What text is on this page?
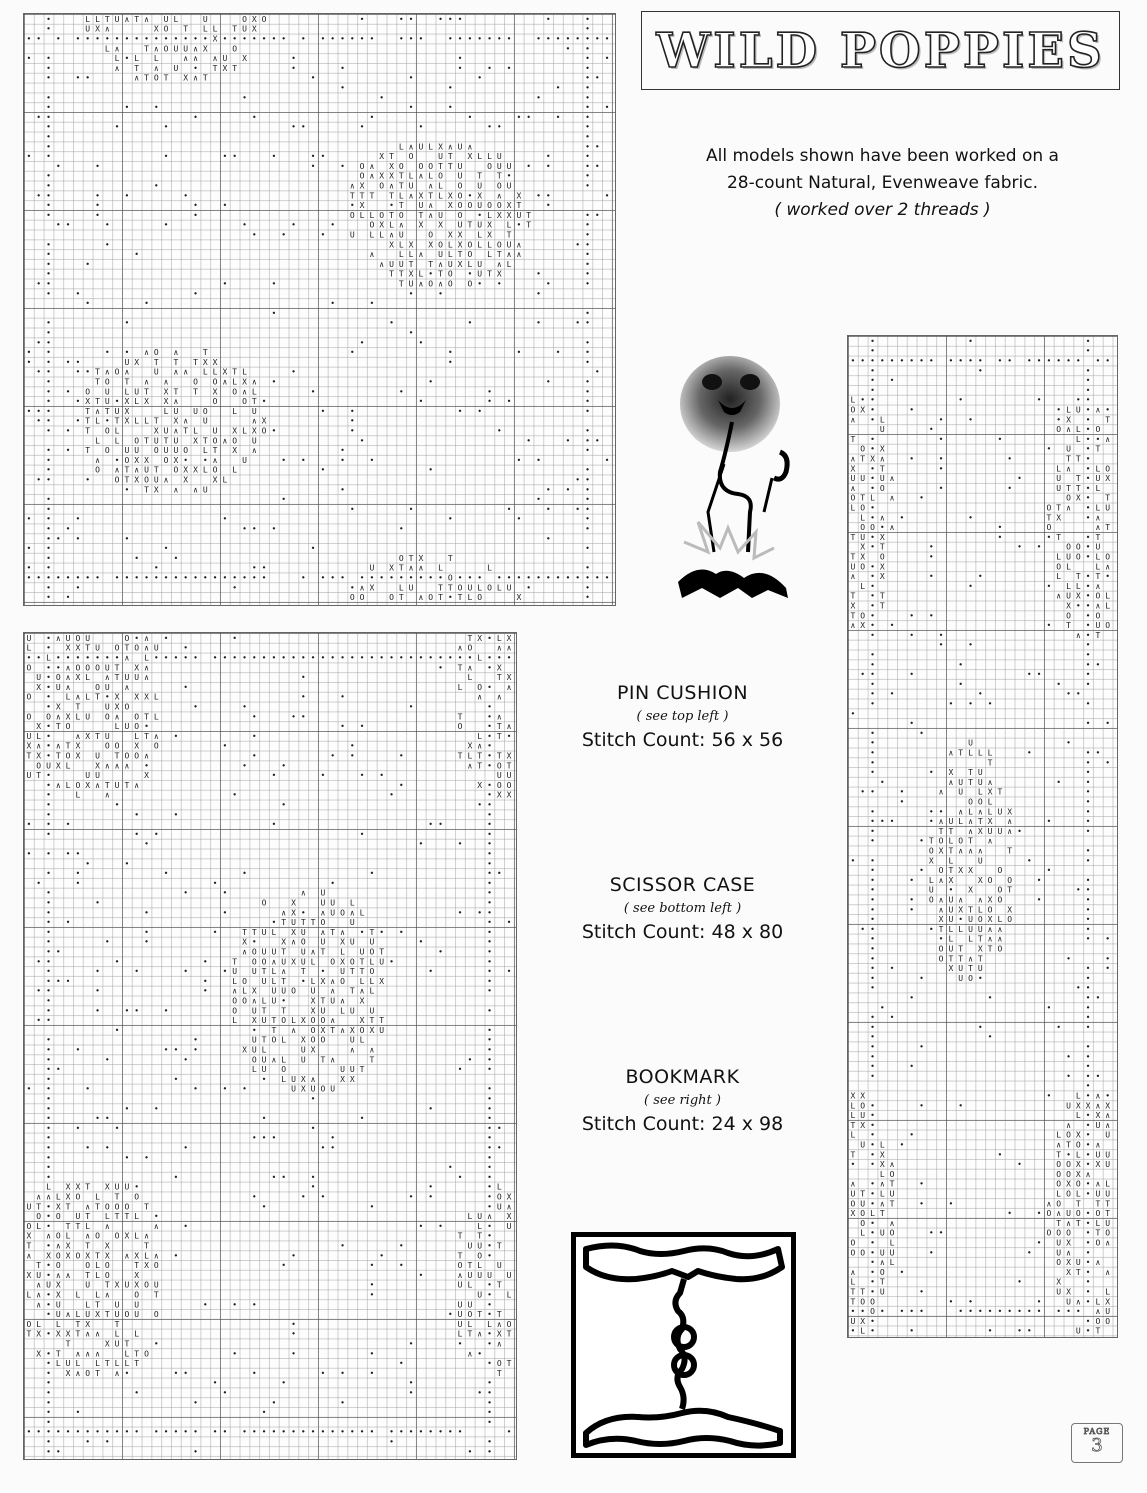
•	L L T U ∧ T ∧ U L	U	O X O	•	• •	• • •	•	•
•	U X ∧	X O T L L T U X	•
• • • • • • • • • • • • • • • • • X • • • • • • • • • • • • • •	• • •	• • • • • • •	• • • • • • • •
L ∧	T ∧ O U U ∧ X	O	• •
• •	L • L L	∧ ∧ ∧ U X	•	•	• •
•	∧ T ∧ U • T X T	•	•	•	• •	•
•	• •	∧ T O T X ∧ T	•	•	•	• •
•	•	•	•
•	•	•	•	•
•	•	•	•	•	• •
• •	•	•	•	•	• •	•	•
•	•	•	• •	•	•	• •	•
•	•
•	L ∧ U L X ∧ U ∧	• •
• •	•	• •	•	• •	X T O	U T X L L U	•	•
•	•	•	• O ∧ X O O O T T U	O U U • •	• •
•	O ∧ X X T L ∧ L O U T T •	•
•	•	∧ X O ∧ T U ∧ L O U O U	•
• •	•	•	•	T T T T L ∧ X T L X O • X ∧ X • •	•
•	•	•	•	• X	• T U ∧ X O O U O O X T	•
•	•	•	O L L O T O T ∧ U O • L X X U T	• •
• •	•	•	•	•	•	O X L ∧ X X U T U X L • T	•
•	•	•	U L L ∧ U	O X X L X T	•
•	•	X L X X O L X O L L O U ∧	• •
•	•	∧	L L ∧ U L T O L T ∧ ∧	•
•	•	∧ U U T T ∧ U X L U ∧ L	•
•	T T X L • T O • U T X	•	•
• •	•	•	T U ∧ O ∧ O O • •	•	•
•	•	•	•	•	•
•	•	•	•
•	•
•	•	•	•	•	• •
•	•
• •	•	•	•
• •	• • ∧ O ∧	T	•	•	•	•	•
• • • •	U X T T T X X	•	•
• •	• • T ∧ O ∧	U ∧ ∧ L L X T L	•	•
•	T O T ∧ ∧	O O ∧ L X ∧ •	•	•	•
• • O U L U T X T T X O ∧ L	•	•	•	•
•	• X T U • X L X X ∧	O	O T •	•	• •	•
• • •	T ∧ T U X	L U U O	L U	•	•	• •	•
• •	• T L • T X L L T X ∧ U	∧ X	•
• • T O L	X U ∧ T L U X L X O •	•	•	•
L L O T U T U X T O ∧ O U	•	•	• • •
• • T O U U O U U O L T X ∧	•	•
•	∧ • O X X O X • • ∧	U	• •	•	•	• •	•
•	O ∧ T ∧ U T O X X L O L	•	•	•
• •	•	O T X O U ∧ X	X L	• •
• T X ∧ ∧ U	•	• • •
•	•	•	•
•	•	•	•	•	• •
• •	•	•	•	•	•
• •	• • •	•	•
• • •	•	•
• •	•	•	•
•	•	•	O T X	T
• •	•	• •	U X T ∧ ∧ L	L	•
• • • • • • • • • • • • • • • • • • • • • • • •	• • • • • • • • • • • • • O • • • • • • • • • • • • • • •
•	•	•	• ∧ X	L U	T T O U L O L U •	•
• •	O O	O T ∧ O T • T L O	X	•
U • ∧ U O U	O • ∧ •	•	T X • L X
L • X X T U O T O ∧ U	•	∧ O	∧ ∧
• • L • • • • • • • ∧ L • • • • • • • • • • • • • • • • • • • • • • • • • • • • • • • • L • • •
O • • ∧ O O O U T X ∧	• T ∧ • X
U • O ∧ X L ∧ T U U ∧	•	L	T X
X • U ∧	O U ∧	•	L O • ∧
O • L ∧ L T • X X X L	•	•	∧ ∧
• X T	U X O	•	•	•	•
O O ∧ X L U O ∧ O T L	•	• •	T	• ∧
X • T O	L U O •	• •	O	• T ∧
U L •	∧ X T U	L T ∧ •	•	L • T •
X ∧ • ∧ T X	O O X O	•	•	X ∧ •
T X • T O X U T O O ∧	•	• •	•	T L T • T X
O U X L	X ∧ ∧ ∧ •	•	•	∧ T • O T
U T •	U U	X	•	•	• •	U U
• ∧ L O X ∧ T U T ∧	•	X • O O
•	L	∧	•	•	• X X
•	•	•	• •
•	•	•	•
• • •	•	• •	•
•	• •	•	•
•	•	•	•
• • • •	•
•	•	•
•	•	•	•	•	• •
•	•	•	•	•
•	•	•	∧ U	•
•	•	O	X	U U L	•
•	•	•	∧ X • ∧ U O ∧ L	• • •
• •	• T U T T O	U	• •
•	•	•	T T U L X U ∧ T ∧ • T • •	•
•	•	•	X •	X ∧ O U X U U	•	•
• •	∧ O U U T U ∧ T L U O T	•	•
• •	•	•	T O O ∧ U X U L O X O T L U •	•
•	•	•	•	• U U T L ∧ T • U T T O	•	• •
• • •	•	L O U L T • L X ∧ O L L X	•
• •	•	•	∧ L X U U O U ∧ T ∧ L	•
•	O O ∧ L U •	X T U ∧ X
•	•	• •	•	O U T T	X U L U U	•
• •	L X U T O L X O O ∧	X T T
•	• T ∧ O X T ∧ X O X U	•
•	•	U T O L X O O	U L	•
•	•	• • •	X U L	U X	∧ ∧	•
•	•	•	O U ∧ L U T ∧	T	• •
• •	L U O	U U T	•	•
•	•	• L U X ∧	X X
• •	•	•	• •	U X U O U	•
•	•	•
•	•	•	•	•
•	• •	•	•	•
•	•	•	•	• •
•	• • •	•	•
•	• •	•	• •	• •
•	• •	•
•	•	•
•	•	• •	•	•	•
L X X T X U U •	•	•	• L
∧ ∧ L X O L T O	•	• •	• •	• O X
U T • X T ∧ T O O O T	•	•	• U ∧
O • O U T L T T L •	L U ∧ X
O L • T T L ∧	∧	•	• •	L • U
X ∧ O L ∧ O O X L ∧	T T •
T • ∧ X T X	T	•	•	U U • T
∧ X O X O X T X ∧ X L ∧ •	•	•	T O •
T • O	O L O	T X O	•	•	•	O T L U
X U • ∧ ∧ T L O	X	•	∧ U U U U
∧ U X	U T X U X O U	•	U L • T
L ∧ • X L L ∧	O T	•	U • L
∧ • U	L T U U	•	• •	U U •
• U ∧ L U X T U O U O	• U O T • T
O L L T X	T	•	U L L ∧ O
T X • X X T ∧ ∧ L L	•	L T ∧ • X T
T	X U T	•	•	•	• ∧
X • T ∧ ∧ ∧	L T O	•	•	•	∧ •
• L U L L T L L T	•	• O T
• X ∧ O T ∧ •	• •	•	• •	•	T
•	•	•	•	•
•	•	•	•	• •
•	•	•	•	•
•	•	•	•
•	•
• • • • • • • • • • • • • • • • • • • • • • • • • • • • • • • • • • • • • • • • •	•
•	• •	•	•
• •	•	• •
•	•	•
•	•
• • • • • • • • • • • • • • • • • • • • • • •
•	•	•
• •	•
•	•
L • •	•	•	• •
O X •	•	• L U • ∧ •
∧ • L	•	•	• X • T
U	•	O ∧ L • O
T •	•	•	L • • ∧
O • X	• U • T
∧ T X ∧	•	•	•	T T •
X • T	•	L ∧ • L O
U U • U ∧	•	U T • U X
∧ • O	•	•	U T T • L
O T L ∧	•	O X • T
L O •	O T ∧ • L U
L • ∧ •	•	T X	• ∧
O O • ∧	•	O	∧ T
T U • X	•	• T	• T
X • T	•	• •	O O • U
T X O	•	L U O • L O
U O • X	O L	L ∧
∧ • X	•	•	L T • T •
L •	•	• L L • ∧
T • T	∧ U X • O L
X • T	X • • ∧ L
T O •	• •	O • O
∧ X • •	• T • U O
•	•	•	∧ • T
•	•	•
•	•
•	•	• •
• •	•	• •	•
•	•	•	•
• •	•	• •
•	• • •	•
•
•	• •
•	•
•	U	•
•	∧ T L L L	•	• •
•	T	• •
•	• X T U	•
•	∧ U T U ∧	•	•
• •	•	∧ U L X T	•
•	O O L	•
•	• • ∧ L ∧ L U X	•
• • •	• ∧ U L ∧ T X ∧	•	•
•	T T ∧ X U U ∧ •	•
•	• T O L O T ∧
O X T ∧ ∧ ∧	T	•
• •	X L	U	•	•
•	• O T X X	O	•
•	• L ∧ X	X O O	•	•
•	U • X	O T	• •
•	• O ∧ U ∧ ∧ X O	•	•
•	•	∧ U X T L O X	•
•	X U • U O X L O	•
• •	• T L L U U ∧ ∧	•
•	• L L T ∧ ∧	• •
•	O U T X T O
•	O T T ∧ T	•	•
• •	X U T U	• •
•	•	U O •	•
•	• •
•	•	• •
•	•	•
• •	•
•	•	•	•
•	•
•	•	•
•	• •
•	•	•
•	• • •
•
X X	•	L • ∧ •
L O •	•	•	U X X ∧ X
L U •	L • X ∧
T X •	∧ • U ∧
L •	•	L O X • U
U • L •	∧ T O • ∧
T • X	•	T • L • U U
• • X ∧	•	O O X • X U
L O	O O X ∧
∧ • ∧ T	•	O X O • ∧ L
U T • L U	L O L • U U
O U • ∧ T	•	•	∧ O T T T
X O L T	•	• O ∧ U O • O T
O • ∧	T ∧ T • L U
L • U O	• •	O O O • T O
O • L	• U X • O ∧
O O • U U	•	•	U ∧ •
• ∧ L	O X U • ∧
∧ • O •	X T • ∧
L • T	•	X	•
T T • U	•	U X • L
T O O	• •	•	U ∧ • L X
• • O • • • •	• • • • • • • • • • • • ∧ U
U X •	• O O
• L •	•	•	• •	U • T
WILD POPPIES
All models shown have been worked on a
28-count Natural, Evenweave fabric.
( worked over 2 threads )
PIN CUSHION
( see top left )
Stitch Count: 56 x 56
SCISSOR CASE
( see bottom left )
Stitch Count: 48 x 80
BOOKMARK
( see right )
Stitch Count: 24 x 98
PAGE
3
